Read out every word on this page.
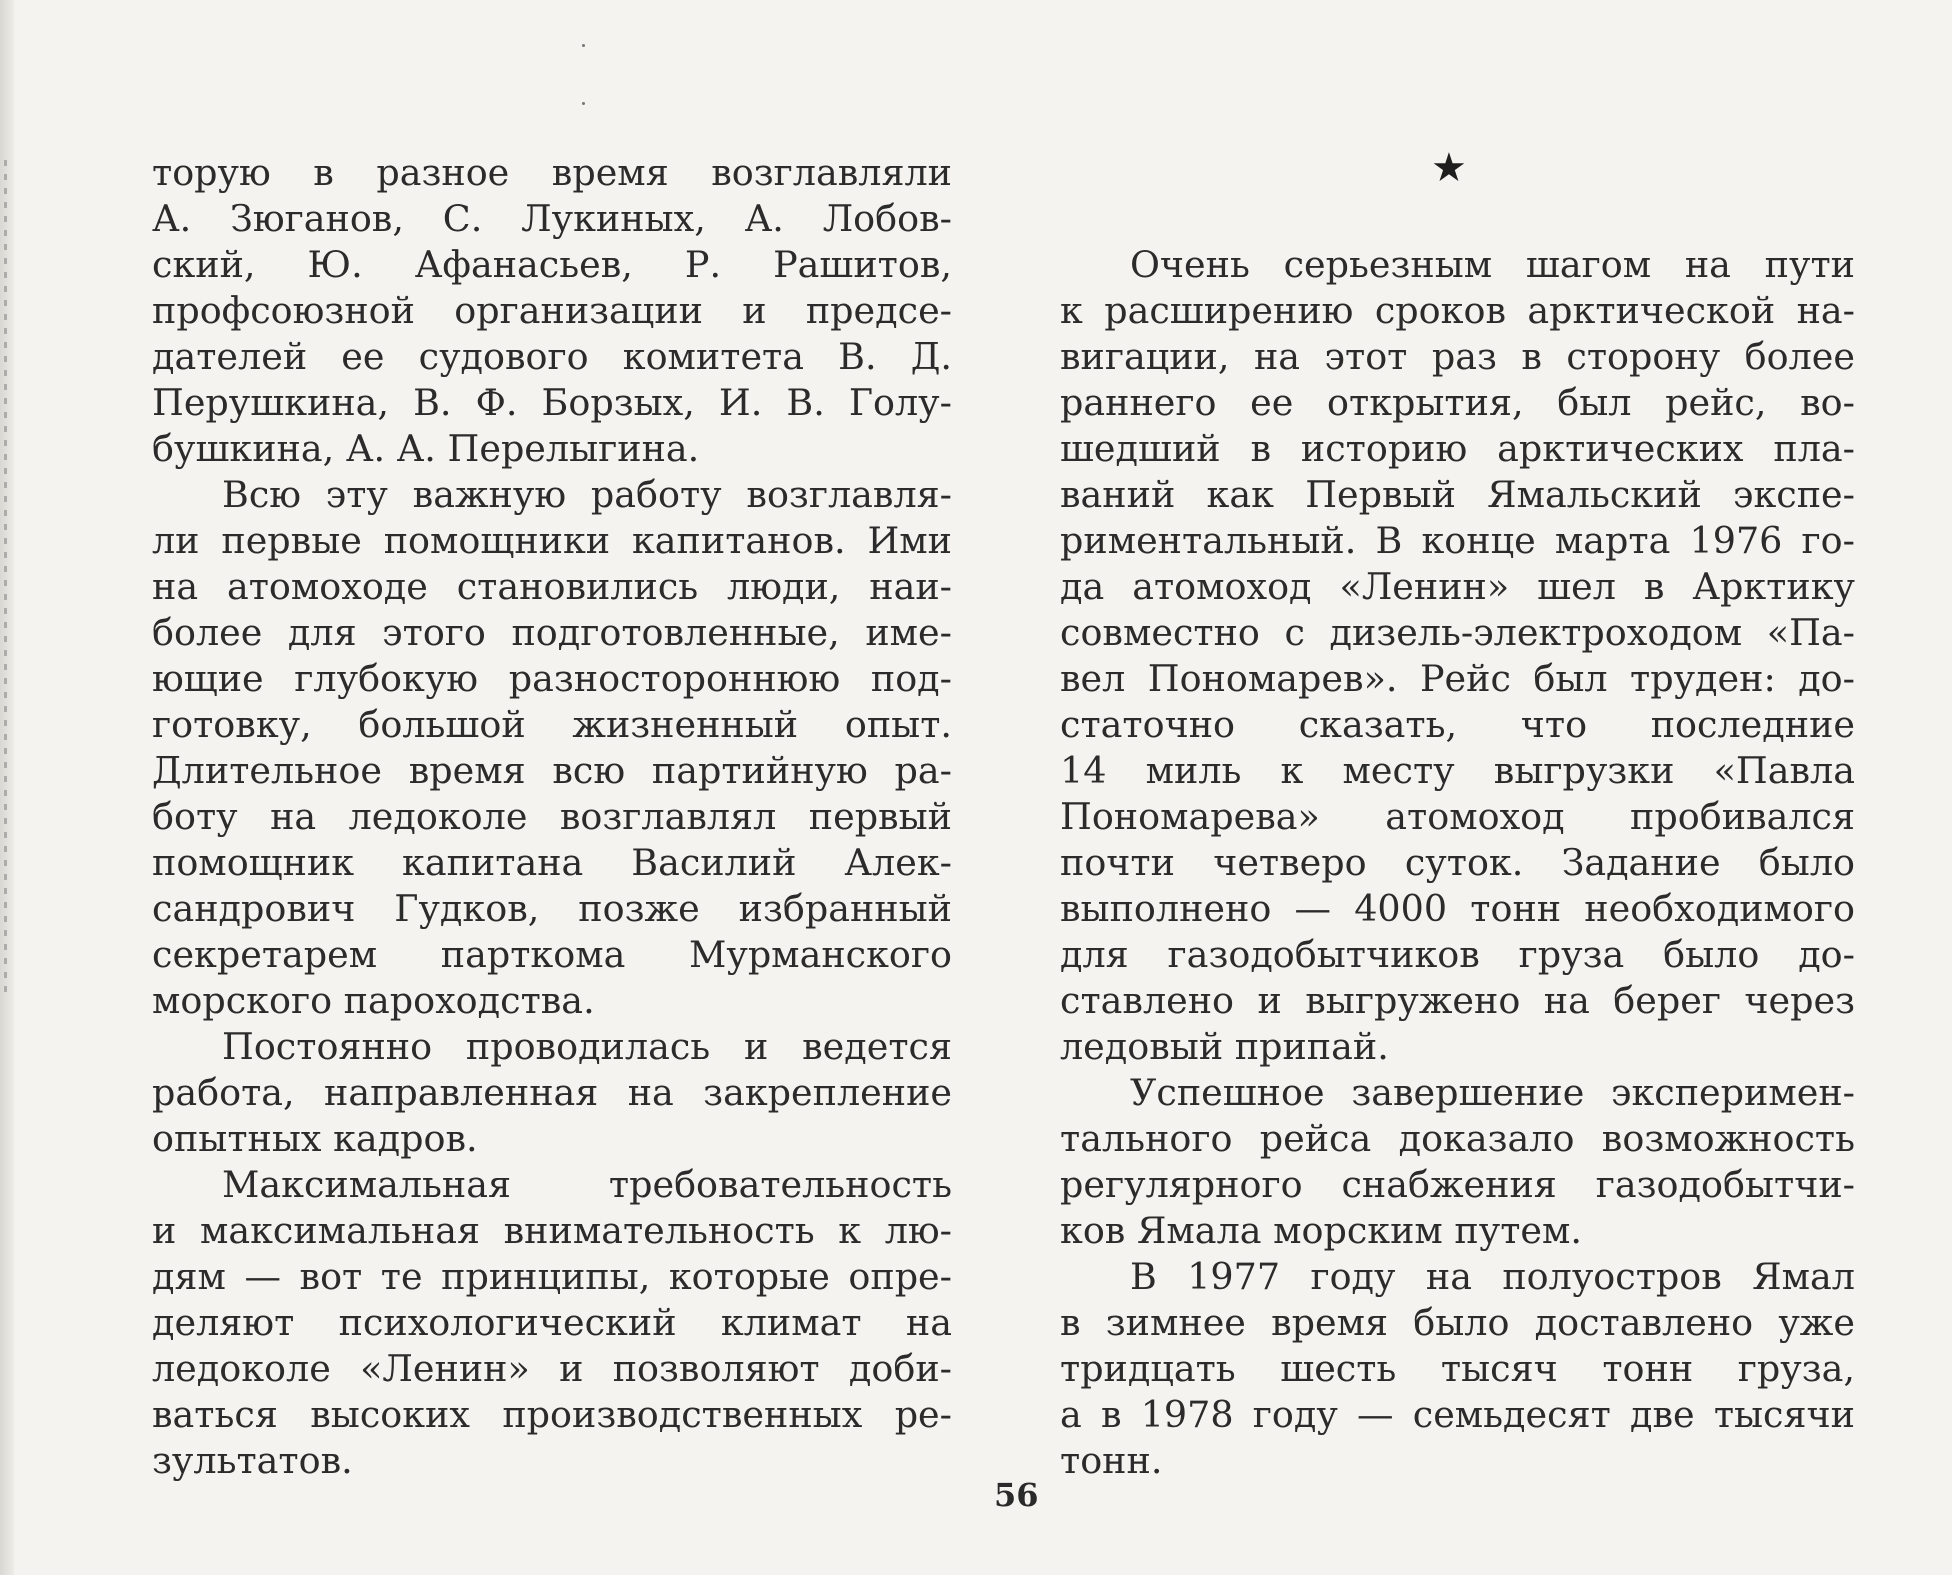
торую в разное время возглавляли
А. Зюганов, С. Лукиных, А. Лобов-
ский, Ю. Афанасьев, Р. Рашитов,
профсоюзной организации и предсе-
дателей ее судового комитета В. Д.
Перушкина, В. Ф. Борзых, И. В. Голу-
бушкина, А. А. Перелыгина.
Всю эту важную работу возглавля-
ли первые помощники капитанов. Ими
на атомоходе становились люди, наи-
более для этого подготовленные, име-
ющие глубокую разностороннюю под-
готовку, большой жизненный опыт.
Длительное время всю партийную ра-
боту на ледоколе возглавлял первый
помощник капитана Василий Алек-
сандрович Гудков, позже избранный
секретарем парткома Мурманского
морского пароходства.
Постоянно проводилась и ведется
работа, направленная на закрепление
опытных кадров.
Максимальная требовательность
и максимальная внимательность к лю-
дям — вот те принципы, которые опре-
деляют психологический климат на
ледоколе «Ленин» и позволяют доби-
ваться высоких производственных ре-
зультатов.
★
Очень серьезным шагом на пути
к расширению сроков арктической на-
вигации, на этот раз в сторону более
раннего ее открытия, был рейс, во-
шедший в историю арктических пла-
ваний как Первый Ямальский экспе-
риментальный. В конце марта 1976 го-
да атомоход «Ленин» шел в Арктику
совместно с дизель-электроходом «Па-
вел Пономарев». Рейс был труден: до-
статочно сказать, что последние
14 миль к месту выгрузки «Павла
Пономарева» атомоход пробивался
почти четверо суток. Задание было
выполнено — 4000 тонн необходимого
для газодобытчиков груза было до-
ставлено и выгружено на берег через
ледовый припай.
Успешное завершение эксперимен-
тального рейса доказало возможность
регулярного снабжения газодобытчи-
ков Ямала морским путем.
В 1977 году на полуостров Ямал
в зимнее время было доставлено уже
тридцать шесть тысяч тонн груза,
а в 1978 году — семьдесят две тысячи
тонн.
56
